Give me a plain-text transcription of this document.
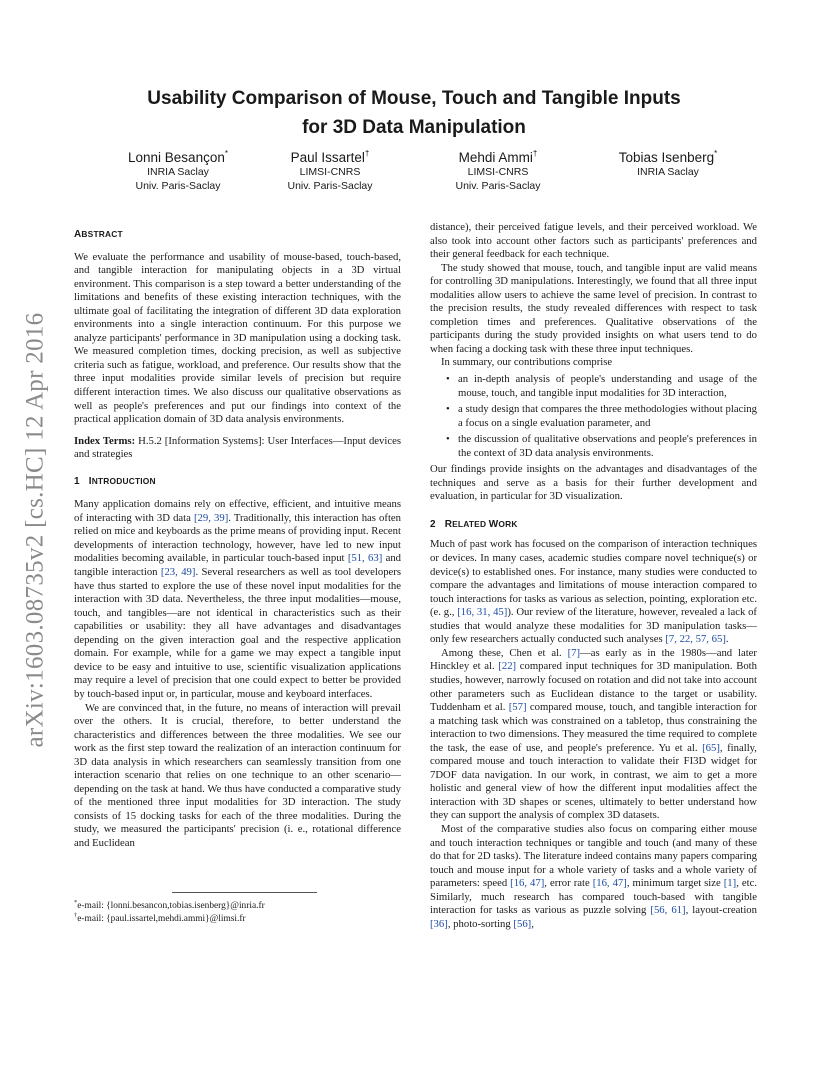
arXiv:1603.08735v2 [cs.HC] 12 Apr 2016
Usability Comparison of Mouse, Touch and Tangible Inputs
for 3D Data Manipulation
Lonni Besançon*
INRIA Saclay
Univ. Paris-Saclay
Paul Issartel†
LIMSI-CNRS
Univ. Paris-Saclay
Mehdi Ammi†
LIMSI-CNRS
Univ. Paris-Saclay
Tobias Isenberg*
INRIA Saclay
ABSTRACT

We evaluate the performance and usability of mouse-based, touch-based, and tangible interaction for manipulating objects in a 3D virtual environment. This comparison is a step toward a better understanding of the limitations and benefits of these existing interaction techniques, with the ultimate goal of facilitating the integration of different 3D data exploration environments into a single interaction continuum. For this purpose we analyze participants' performance in 3D manipulation using a docking task. We measured completion times, docking precision, as well as subjective criteria such as fatigue, workload, and preference. Our results show that the three input modalities provide similar levels of precision but require different interaction times. We also discuss our qualitative observations as well as people's preferences and put our findings into context of the practical application domain of 3D data analysis environments.

Index Terms: H.5.2 [Information Systems]: User Interfaces—Input devices and strategies

1 INTRODUCTION

Many application domains rely on effective, efficient, and intuitive means of interacting with 3D data [29, 39]. Traditionally, this interaction has often relied on mice and keyboards as the prime means of providing input. Recent developments of interaction technology, however, have led to new input modalities becoming available, in particular touch-based input [51, 63] and tangible interaction [23, 49]. Several researchers as well as tool developers have thus started to explore the use of these novel input modalities for the interaction with 3D data. Nevertheless, the three input modalities—mouse, touch, and tangibles—are not identical in characteristics such as their capabilities or usability: they all have advantages and disadvantages depending on the given interaction goal and the respective application domain. For example, while for a game we may expect a tangible input device to be easy and intuitive to use, scientific visualization applications may require a level of precision that one could expect to better be provided by touch-based input or, in particular, mouse and keyboard interfaces.

We are convinced that, in the future, no means of interaction will prevail over the others. It is crucial, therefore, to better understand the characteristics and differences between the three modalities. We see our work as the first step toward the realization of an interaction continuum for 3D data analysis in which researchers can seamlessly transition from one interaction scenario that relies on one technique to an other scenario—depending on the task at hand. We thus have conducted a comparative study of the mentioned three input modalities for 3D interaction. The study consists of 15 docking tasks for each of the three modalities. During the study, we measured the participants' precision (i. e., rotational difference and Euclidean

*e-mail: {lonni.besancon,tobias.isenberg}@inria.fr
†e-mail: {paul.issartel,mehdi.ammi}@limsi.fr

distance), their perceived fatigue levels, and their perceived workload. We also took into account other factors such as participants' preferences and their general feedback for each technique.

The study showed that mouse, touch, and tangible input are valid means for controlling 3D manipulations. Interestingly, we found that all three input modalities allow users to achieve the same level of precision. In contrast to the precision results, the study revealed differences with respect to task completion times and preferences. Qualitative observations of the participants during the study provided insights on what users tend to do when facing a docking task with these three input techniques.

In summary, our contributions comprise

• an in-depth analysis of people's understanding and usage of the mouse, touch, and tangible input modalities for 3D interaction,
• a study design that compares the three methodologies without placing a focus on a single evaluation parameter, and
• the discussion of qualitative observations and people's preferences in the context of 3D data analysis environments.

Our findings provide insights on the advantages and disadvantages of the techniques and serve as a basis for their further development and evaluation, in particular for 3D visualization.

2 RELATED WORK

Much of past work has focused on the comparison of interaction techniques or devices. In many cases, academic studies compare novel technique(s) or device(s) to established ones. For instance, many studies were conducted to compare the advantages and limitations of mouse interaction compared to touch interactions for tasks as various as selection, pointing, exploration etc. (e. g., [16, 31, 45]). Our review of the literature, however, revealed a lack of studies that would analyze these modalities for 3D manipulation tasks—only few researchers actually conducted such analyses [7, 22, 57, 65].

Among these, Chen et al. [7]—as early as in the 1980s—and later Hinckley et al. [22] compared input techniques for 3D manipulation. Both studies, however, narrowly focused on rotation and did not take into account other parameters such as Euclidean distance to the target or usability. Tuddenham et al. [57] compared mouse, touch, and tangible interaction for a matching task which was constrained on a tabletop, thus constraining the interaction to two dimensions. They measured the time required to complete the task, the ease of use, and people's preference. Yu et al. [65], finally, compared mouse and touch interaction to validate their FI3D widget for 7DOF data navigation. In our work, in contrast, we aim to get a more holistic and general view of how the different input modalities affect the interaction with 3D shapes or scenes, ultimately to better understand how they can support the analysis of complex 3D datasets.

Most of the comparative studies also focus on comparing either mouse and touch interaction techniques or tangible and touch (and many of these do that for 2D tasks). The literature indeed contains many papers comparing touch and mouse input for a whole variety of tasks and a whole variety of parameters: speed [16, 47], error rate [16, 47], minimum target size [1], etc. Similarly, much research has compared touch-based with tangible interaction for tasks as various as puzzle solving [56, 61], layout-creation [36], photo-sorting [56],
